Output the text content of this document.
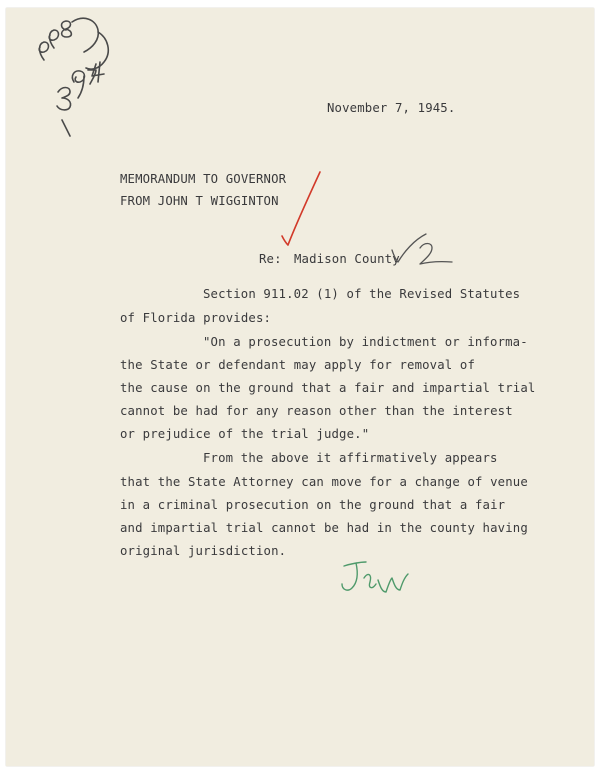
November 7, 1945.
MEMORANDUM TO GOVERNOR
FROM JOHN T WIGGINTON
Re: Madison County
Section 911.02 (1) of the Revised Statutes
of Florida provides:
"On a prosecution by indictment or informa-
the State or defendant may apply for removal of
the cause on the ground that a fair and impartial trial
cannot be had for any reason other than the interest
or prejudice of the trial judge."
From the above it affirmatively appears
that the State Attorney can move for a change of venue
in a criminal prosecution on the ground that a fair
and impartial trial cannot be had in the county having
original jurisdiction.
